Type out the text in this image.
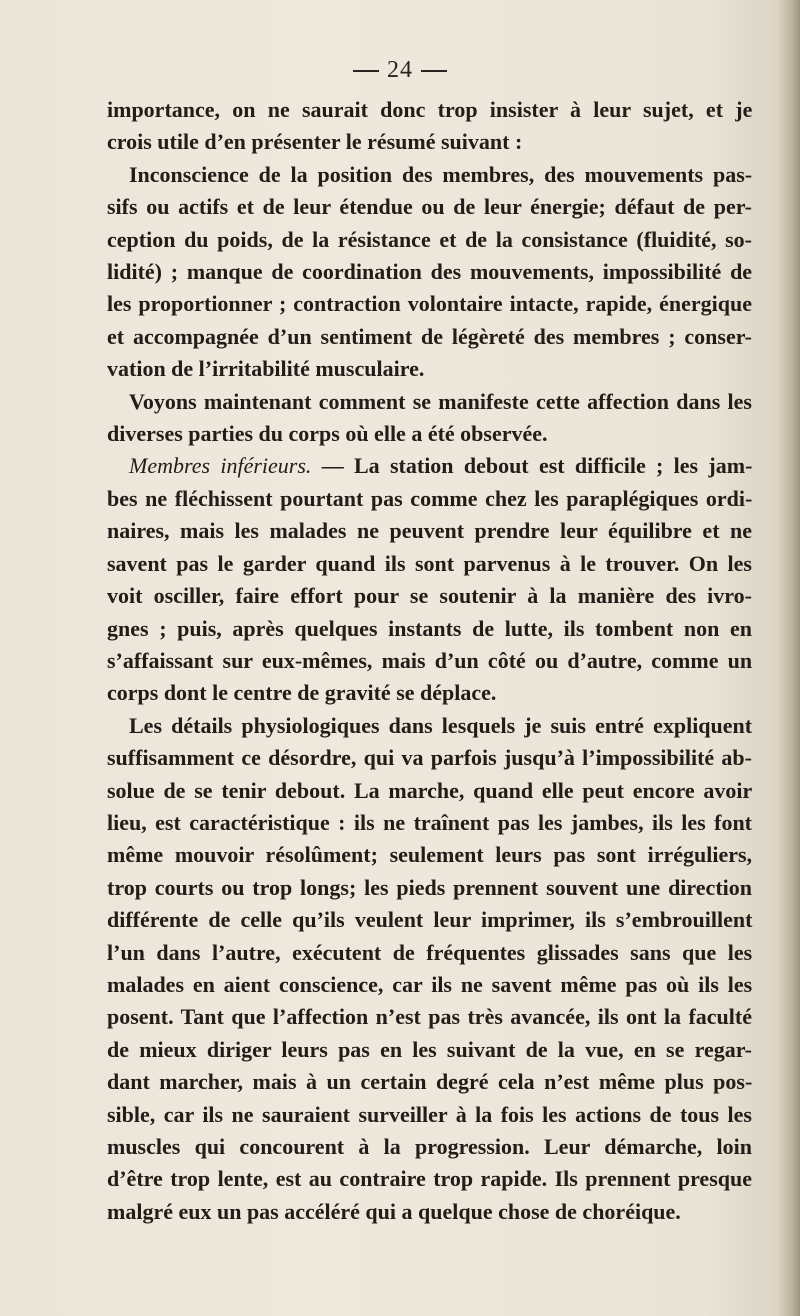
24

importance, on ne saurait donc trop insister à leur sujet, et je
crois utile d’en présenter le résumé suivant :

Inconscience de la position des membres, des mouvements pas-
sifs ou actifs et de leur étendue ou de leur énergie; défaut de per-
ception du poids, de la résistance et de la consistance (fluidité, so-
lidité) ; manque de coordination des mouvements, impossibilité de
les proportionner ; contraction volontaire intacte, rapide, énergique
et accompagnée d’un sentiment de légèreté des membres ; conser-
vation de l’irritabilité musculaire.

Voyons maintenant comment se manifeste cette affection dans les
diverses parties du corps où elle a été observée.

Membres inférieurs. — La station debout est difficile ; les jam-
bes ne fléchissent pourtant pas comme chez les paraplégiques ordi-
naires, mais les malades ne peuvent prendre leur équilibre et ne
savent pas le garder quand ils sont parvenus à le trouver. On les
voit osciller, faire effort pour se soutenir à la manière des ivro-
gnes ; puis, après quelques instants de lutte, ils tombent non en
s’affaissant sur eux-mêmes, mais d’un côté ou d’autre, comme un
corps dont le centre de gravité se déplace.

Les détails physiologiques dans lesquels je suis entré expliquent
suffisamment ce désordre, qui va parfois jusqu’à l’impossibilité ab-
solue de se tenir debout. La marche, quand elle peut encore avoir
lieu, est caractéristique : ils ne traînent pas les jambes, ils les font
même mouvoir résolûment; seulement leurs pas sont irréguliers,
trop courts ou trop longs; les pieds prennent souvent une direction
différente de celle qu’ils veulent leur imprimer, ils s’embrouillent
l’un dans l’autre, exécutent de fréquentes glissades sans que les
malades en aient conscience, car ils ne savent même pas où ils les
posent. Tant que l’affection n’est pas très avancée, ils ont la faculté
de mieux diriger leurs pas en les suivant de la vue, en se regar-
dant marcher, mais à un certain degré cela n’est même plus pos-
sible, car ils ne sauraient surveiller à la fois les actions de tous les
muscles qui concourent à la progression. Leur démarche, loin
d’être trop lente, est au contraire trop rapide. Ils prennent presque
malgré eux un pas accéléré qui a quelque chose de choréique.
